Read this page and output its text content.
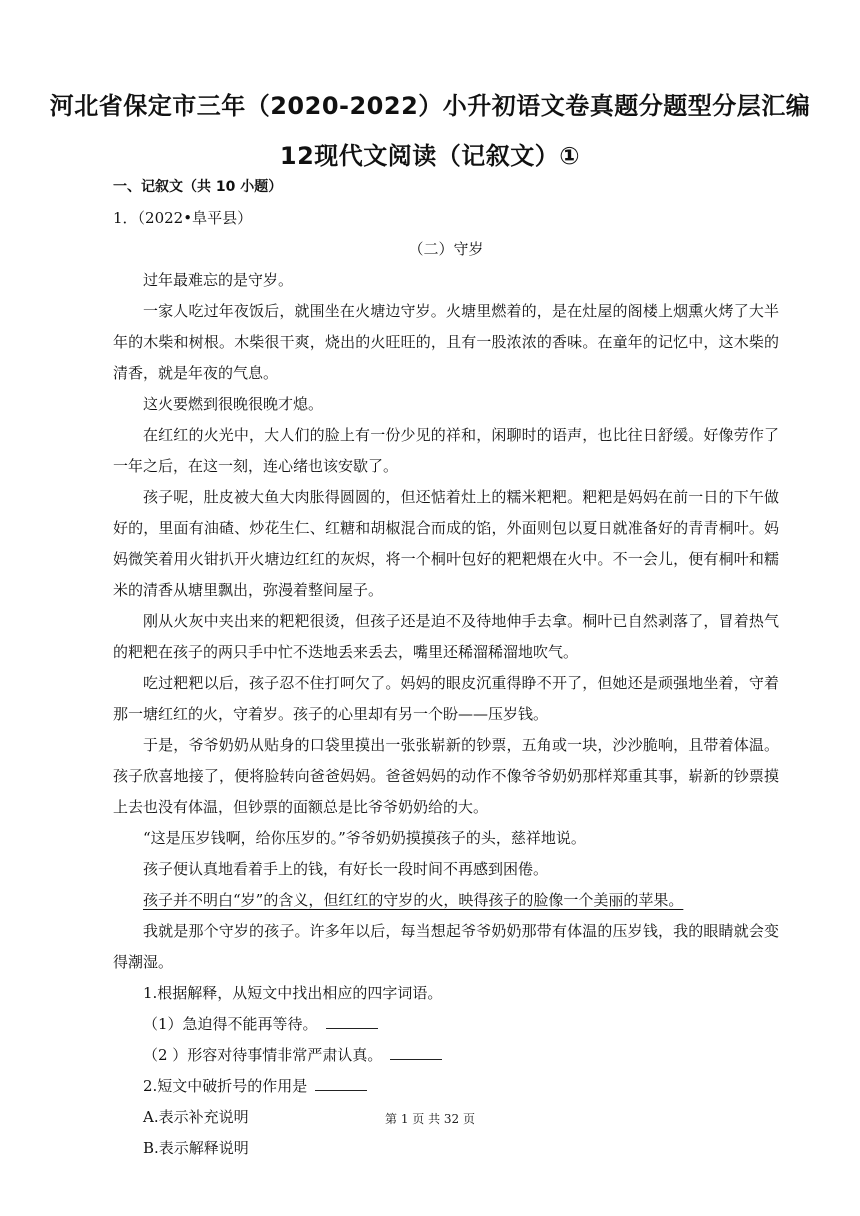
河北省保定市三年（2020-2022）小升初语文卷真题分题型分层汇编
12现代文阅读（记叙文）①
一、记叙文（共 10 小题）
1．（2022•阜平县）
（二）守岁

过年最难忘的是守岁。

一家人吃过年夜饭后，就围坐在火塘边守岁。火塘里燃着的，是在灶屋的阁楼上烟熏火烤了大半年的木柴和树根。木柴很干爽，烧出的火旺旺的，且有一股浓浓的香味。在童年的记忆中，这木柴的清香，就是年夜的气息。

这火要燃到很晚很晚才熄。

在红红的火光中，大人们的脸上有一份少见的祥和，闲聊时的语声，也比往日舒缓。好像劳作了一年之后，在这一刻，连心绪也该安歇了。

孩子呢，肚皮被大鱼大肉胀得圆圆的，但还惦着灶上的糯米粑粑。粑粑是妈妈在前一日的下午做好的，里面有油碴、炒花生仁、红糖和胡椒混合而成的馅，外面则包以夏日就准备好的青青桐叶。妈妈微笑着用火钳扒开火塘边红红的灰烬，将一个桐叶包好的粑粑煨在火中。不一会儿，便有桐叶和糯米的清香从塘里飘出，弥漫着整间屋子。

刚从火灰中夹出来的粑粑很烫，但孩子还是迫不及待地伸手去拿。桐叶已自然剥落了，冒着热气的粑粑在孩子的两只手中忙不迭地丢来丢去，嘴里还稀溜稀溜地吹气。

吃过粑粑以后，孩子忍不住打呵欠了。妈妈的眼皮沉重得睁不开了，但她还是顽强地坐着，守着那一塘红红的火，守着岁。孩子的心里却有另一个盼——压岁钱。

于是，爷爷奶奶从贴身的口袋里摸出一张张崭新的钞票，五角或一块，沙沙脆响，且带着体温。孩子欣喜地接了，便将脸转向爸爸妈妈。爸爸妈妈的动作不像爷爷奶奶那样郑重其事，崭新的钞票摸上去也没有体温，但钞票的面额总是比爷爷奶奶给的大。

“这是压岁钱啊，给你压岁的。”爷爷奶奶摸摸孩子的头，慈祥地说。

孩子便认真地看着手上的钱，有好长一段时间不再感到困倦。

孩子并不明白“岁”的含义，但红红的守岁的火，映得孩子的脸像一个美丽的苹果。

我就是那个守岁的孩子。许多年以后，每当想起爷爷奶奶那带有体温的压岁钱，我的眼睛就会变得潮湿。

1.根据解释，从短文中找出相应的四字词语。

（1）急迫得不能再等待。

（2 ）形容对待事情非常严肃认真。

2.短文中破折号的作用是

A.表示补充说明

B.表示解释说明

第 1 页 共 32 页
